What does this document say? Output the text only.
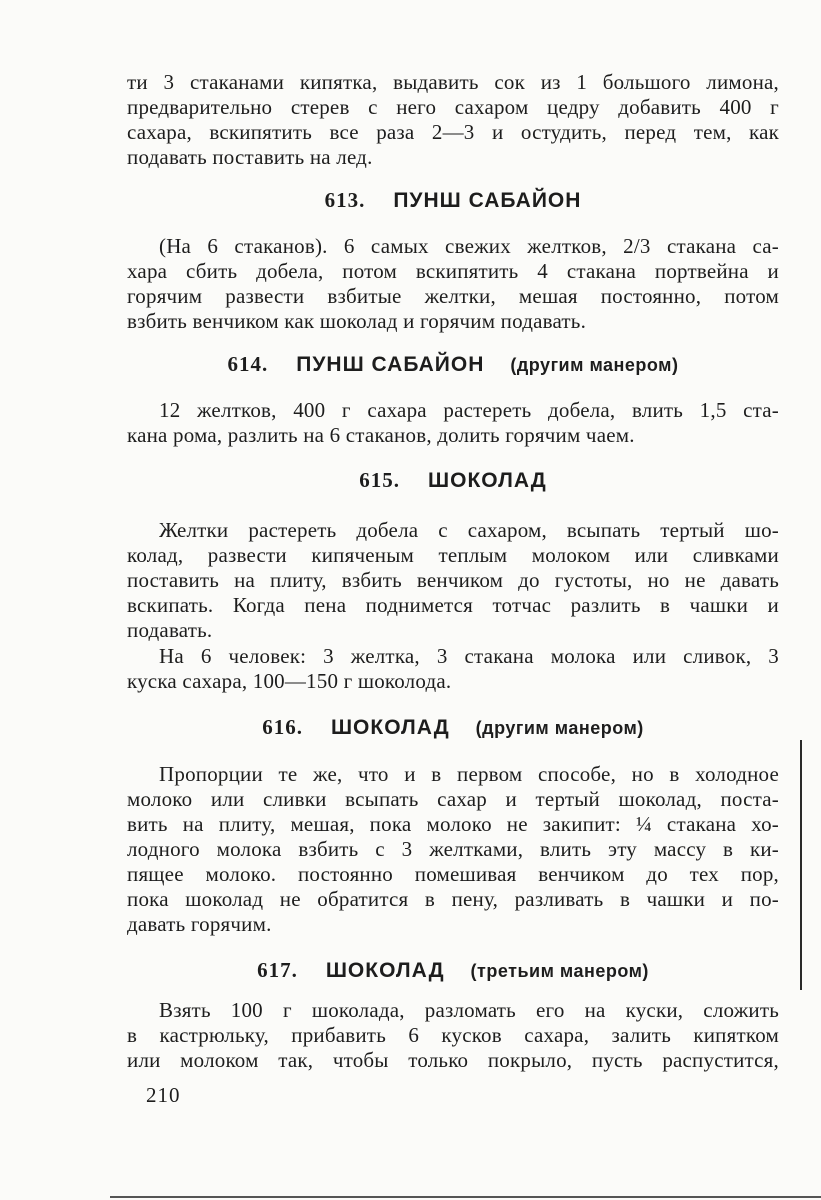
ти 3 стаканами кипятка, выдавить сок из 1 большого лимона,
предварительно стерев с него сахаром цедру добавить 400 г
сахара, вскипятить все раза 2—3 и остудить, перед тем, как
подавать поставить на лед.
613. ПУНШ САБАЙОН
(На 6 стаканов). 6 самых свежих желтков, 2/3 стакана са-
хара сбить добела, потом вскипятить 4 стакана портвейна и
горячим развести взбитые желтки, мешая постоянно, потом
взбить венчиком как шоколад и горячим подавать.
614. ПУНШ САБАЙОН (другим манером)
12 желтков, 400 г сахара растереть добела, влить 1,5 ста-
кана рома, разлить на 6 стаканов, долить горячим чаем.
615. ШОКОЛАД
Желтки растереть добела с сахаром, всыпать тертый шо-
колад, развести кипяченым теплым молоком или сливками
поставить на плиту, взбить венчиком до густоты, но не давать
вскипать. Когда пена поднимется тотчас разлить в чашки и
подавать.
На 6 человек: 3 желтка, 3 стакана молока или сливок, 3
куска сахара, 100—150 г шоколода.
616. ШОКОЛАД (другим манером)
Пропорции те же, что и в первом способе, но в холодное
молоко или сливки всыпать сахар и тертый шоколад, поста-
вить на плиту, мешая, пока молоко не закипит: ¼ стакана хо-
лодного молока взбить с 3 желтками, влить эту массу в ки-
пящее молоко. постоянно помешивая венчиком до тех пор,
пока шоколад не обратится в пену, разливать в чашки и по-
давать горячим.
617. ШОКОЛАД (третьим манером)
Взять 100 г шоколада, разломать его на куски, сложить
в кастрюльку, прибавить 6 кусков сахара, залить кипятком
или молоком так, чтобы только покрыло, пусть распустится,
210
